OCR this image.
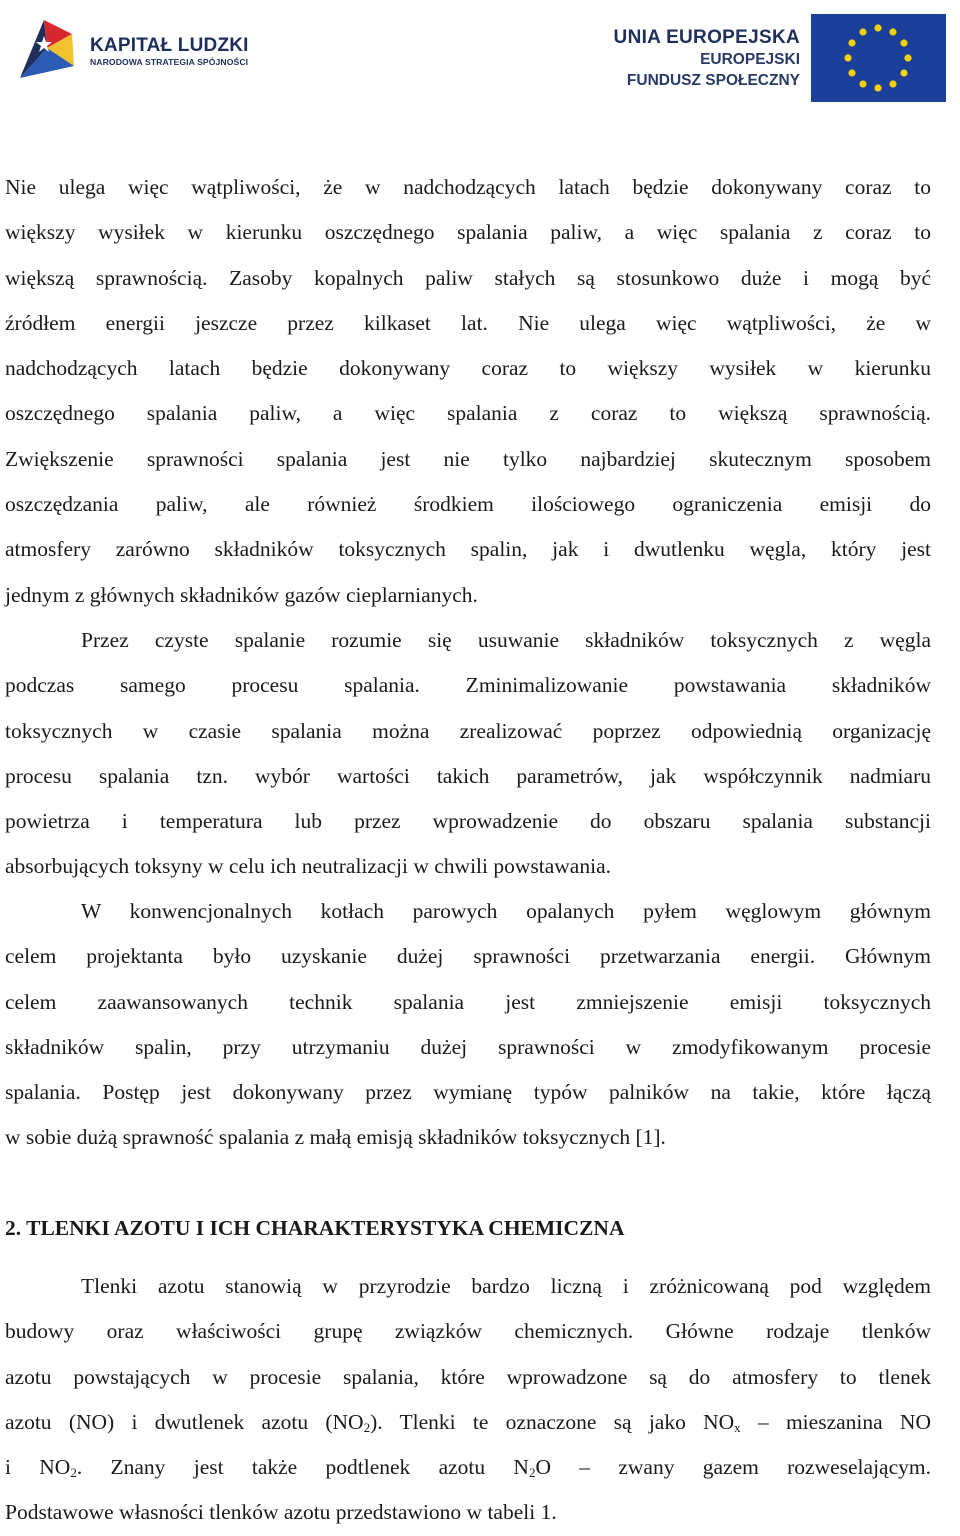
KAPITAŁ LUDZKI
NARODOWA STRATEGIA SPÓJNOŚCI
UNIA EUROPEJSKA
EUROPEJSKI
FUNDUSZ SPOŁECZNY
Nie ulega więc wątpliwości, że w nadchodzących latach będzie dokonywany coraz to
większy wysiłek w kierunku oszczędnego spalania paliw, a więc spalania z coraz to
większą sprawnością. Zasoby kopalnych paliw stałych są stosunkowo duże i mogą być
źródłem energii jeszcze przez kilkaset lat. Nie ulega więc wątpliwości, że w
nadchodzących latach będzie dokonywany coraz to większy wysiłek w kierunku
oszczędnego spalania paliw, a więc spalania z coraz to większą sprawnością.
Zwiększenie sprawności spalania jest nie tylko najbardziej skutecznym sposobem
oszczędzania paliw, ale również środkiem ilościowego ograniczenia emisji do
atmosfery zarówno składników toksycznych spalin, jak i dwutlenku węgla, który jest
jednym z głównych składników gazów cieplarnianych.
Przez czyste spalanie rozumie się usuwanie składników toksycznych z węgla
podczas samego procesu spalania. Zminimalizowanie powstawania składników
toksycznych w czasie spalania można zrealizować poprzez odpowiednią organizację
procesu spalania tzn. wybór wartości takich parametrów, jak współczynnik nadmiaru
powietrza i temperatura lub przez wprowadzenie do obszaru spalania substancji
absorbujących toksyny w celu ich neutralizacji w chwili powstawania.
W konwencjonalnych kotłach parowych opalanych pyłem węglowym głównym
celem projektanta było uzyskanie dużej sprawności przetwarzania energii. Głównym
celem zaawansowanych technik spalania jest zmniejszenie emisji toksycznych
składników spalin, przy utrzymaniu dużej sprawności w zmodyfikowanym procesie
spalania. Postęp jest dokonywany przez wymianę typów palników na takie, które łączą
w sobie dużą sprawność spalania z małą emisją składników toksycznych [1].
2. TLENKI AZOTU I ICH CHARAKTERYSTYKA CHEMICZNA
Tlenki azotu stanowią w przyrodzie bardzo liczną i zróżnicowaną pod względem
budowy oraz właściwości grupę związków chemicznych. Główne rodzaje tlenków
azotu powstających w procesie spalania, które wprowadzone są do atmosfery to tlenek
azotu (NO) i dwutlenek azotu $(NO_2)$. Tlenki te oznaczone są jako $NO_x$ – mieszanina NO
i $NO_2$. Znany jest także podtlenek azotu $N_2O$ – zwany gazem rozweselającym.
Podstawowe własności tlenków azotu przedstawiono w tabeli 1.
